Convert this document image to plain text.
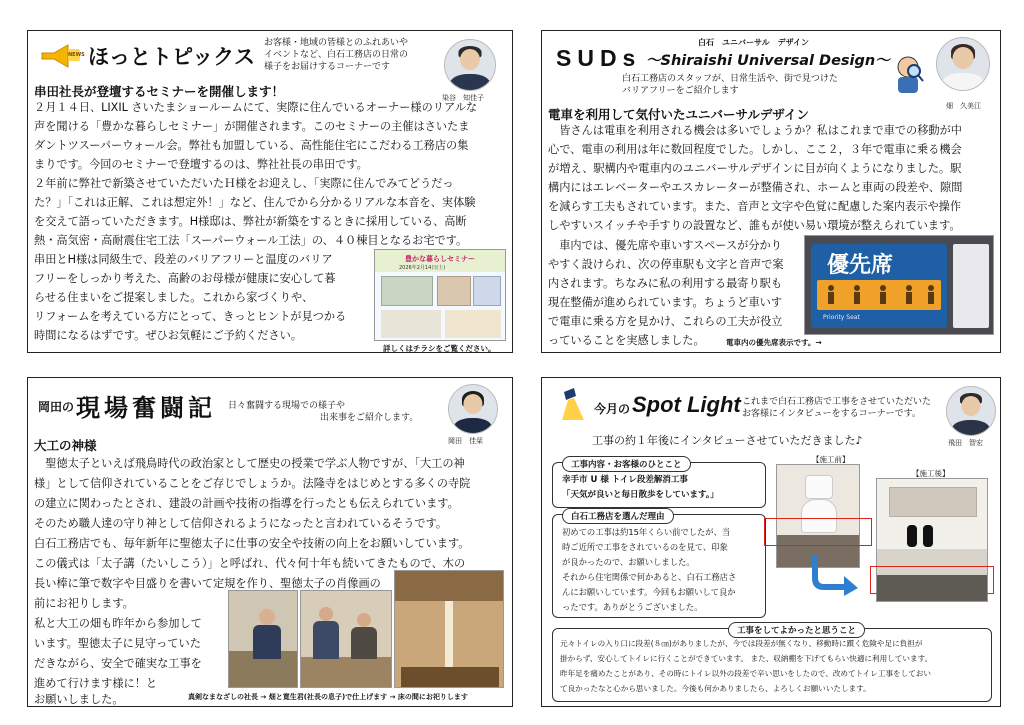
NEWS ほっとトピックス
お客様・地域の皆様とのふれあいや
イベントなど、白石工務店の日常の
様子をお届けするコーナーです
染谷　知佳子
串田社長が登壇するセミナーを開催します！
２月１４日、LIXIL さいたまショールームにて、実際に住んでいるオーナー様のリアルな
声を聞ける「豊かな暮らしセミナー」が開催されます。このセミナーの主催はさいたま
ダントツスーパーウォール会。弊社も加盟している、高性能住宅にこだわる工務店の集
まりです。今回のセミナーで登壇するのは、弊社社長の串田です。
２年前に弊社で新築させていただいたＨ様をお迎えし、「実際に住んでみてどうだっ
た？」「これは正解、これは想定外！」など、住んでから分かるリアルな本音を、実体験
を交えて語っていただきます。H様邸は、弊社が新築をするときに採用している、高断
熱・高気密・高耐震住宅工法「スーパーウォール工法」の、４０棟目となるお宅です。
串田とH様は同級生で、段差のバリアフリーと温度のバリア
フリーをしっかり考えた、高齢のお母様が健康に安心して暮
らせる住まいをご提案しました。これから家づくりや、
リフォームを考えている方にとって、きっとヒントが見つかる
時間になるはずです。ぜひお気軽にご予約ください。
豊かな暮らしセミナー
2026年2月14日(土)
詳しくはチラシをご覧ください。
SUDs
白石　ユニバーサル　デザイン
～Shiraishi Universal Design～
白石工務店のスタッフが、日常生活や、街で見つけた
バリアフリーをご紹介します
畑　久美江
電車を利用して気付いたユニバーサルデザイン
　皆さんは電車を利用される機会は多いでしょうか？私はこれまで車での移動が中
心で、電車の利用は年に数回程度でした。しかし、ここ２，３年で電車に乗る機会
が増え、駅構内や電車内のユニバーサルデザインに目が向くようになりました。駅
構内にはエレベーターやエスカレーターが整備され、ホームと車両の段差や、隙間
を減らす工夫もされています。また、音声と文字や色覚に配慮した案内表示や操作
しやすいスイッチや手すりの設置など、誰もが使い易い環境が整えられています。
　車内では、優先席や車いすスペースが分かり
やすく設けられ、次の停車駅も文字と音声で案
内されます。ちなみに私の利用する最寄り駅も
現在整備が進められています。ちょうど車いす
で電車に乗る方を見かけ、これらの工夫が役立
っていることを実感しました。
優先席
Priority Seat
電車内の優先席表示です。→
岡田の 現場奮闘記 日々奮闘する現場での様子や
出来事をご紹介します。
岡田　佳栞
大工の神様
　聖徳太子といえば飛鳥時代の政治家として歴史の授業で学ぶ人物ですが、「大工の神
様」として信仰されていることをご存じでしょうか。法隆寺をはじめとする多くの寺院
の建立に関わったとされ、建設の計画や技術の指導を行ったとも伝えられています。
そのため職人達の守り神として信仰されるようになったと言われているそうです。
白石工務店でも、毎年新年に聖徳太子に仕事の安全や技術の向上をお願いしています。
この儀式は「太子講（たいしこう）」と呼ばれ、代々何十年も続いてきたもので、木の
長い棒に筆で数字や目盛りを書いて定規を作り、聖徳太子の肖像画の
前にお祀りします。
私と大工の畑も昨年から参加して
います。聖徳太子に見守っていた
だきながら、安全で確実な工事を
進めて行けます様に！と
お願いしました。	真剣なまなざしの社長 → 畑と寛生君(社長の息子)で仕上げます → 床の間にお祀りします
今月の Spot Light これまで白石工務店で工事をさせていただいた
お客様にインタビューをするコーナーです。
飛田　智宏
工事の約１年後にインタビューさせていただきました♪
工事内容・お客様のひとこと
幸手市 U 様 トイレ段差解消工事
「天気が良いと毎日散歩をしています。」
白石工務店を選んだ理由
初めての工事は約15年くらい前でしたが、当
時ご近所で工事をされているのを見て、印象
が良かったので、お願いしました。
それから住宅関係で何かあると、白石工務店さ
んにお願いしています。今回もお願いして良か
ったです。ありがとうございました。
【施工前】
【施工後】
工事をしてよかったと思うこと
元々トイレの入り口に段差(８㎝)がありましたが、今では段差が無くなり、移動時に躓く危険や足に負担が
掛からず、安心してトイレに行くことができています。 また、収納棚を下げてもらい快適に利用しています。
昨年足を痛めたことがあり、その時にトイレ以外の段差で辛い思いをしたので、改めてトイレ工事をしておい
て良かったなと心から思いました。今後も何かありましたら、よろしくお願いいたします。
